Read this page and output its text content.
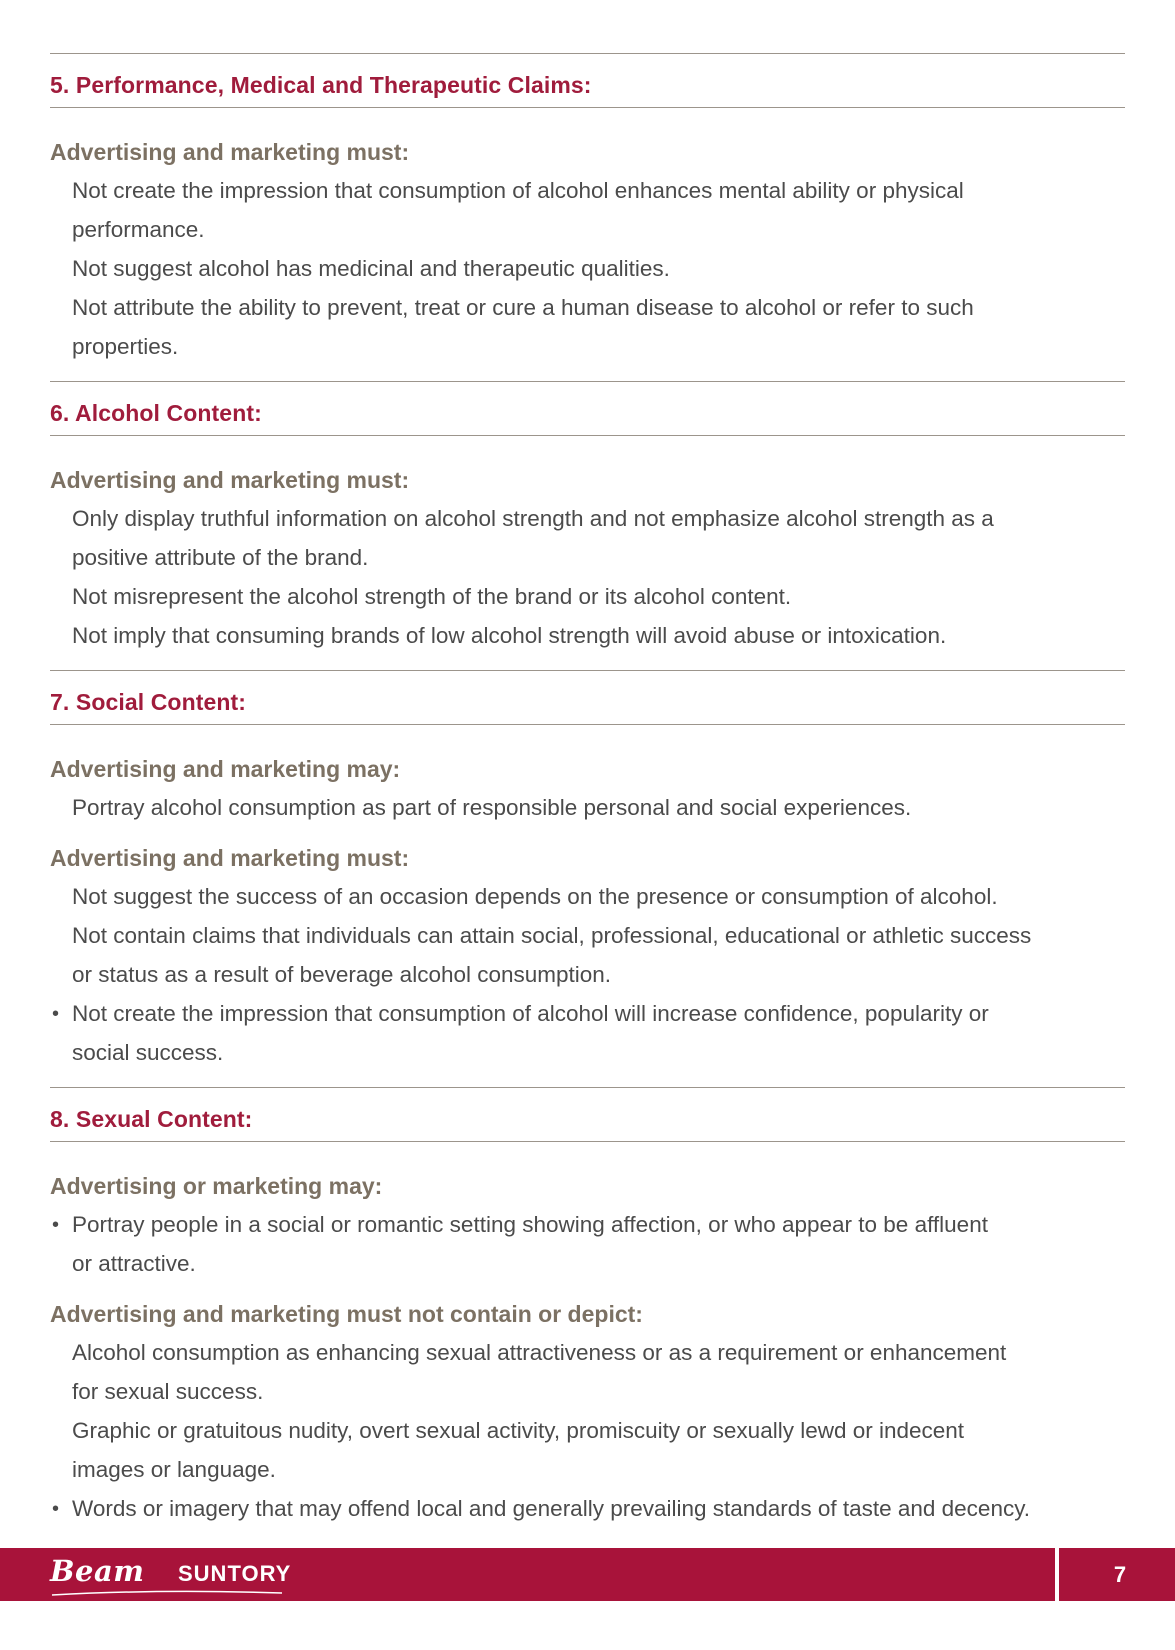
5. Performance, Medical and Therapeutic Claims:
Advertising and marketing must:
Not create the impression that consumption of alcohol enhances mental ability or physical
performance.
Not suggest alcohol has medicinal and therapeutic qualities.
Not attribute the ability to prevent, treat or cure a human disease to alcohol or refer to such
properties.
6. Alcohol Content:
Advertising and marketing must:
Only display truthful information on alcohol strength and not emphasize alcohol strength as a
positive attribute of the brand.
Not misrepresent the alcohol strength of the brand or its alcohol content.
Not imply that consuming brands of low alcohol strength will avoid abuse or intoxication.
7. Social Content:
Advertising and marketing may:
Portray alcohol consumption as part of responsible personal and social experiences.
Advertising and marketing must:
Not suggest the success of an occasion depends on the presence or consumption of alcohol.
Not contain claims that individuals can attain social, professional, educational or athletic success
or status as a result of beverage alcohol consumption.
• Not create the impression that consumption of alcohol will increase confidence, popularity or
social success.
8. Sexual Content:
Advertising or marketing may:
• Portray people in a social or romantic setting showing affection, or who appear to be affluent
or attractive.
Advertising and marketing must not contain or depict:
Alcohol consumption as enhancing sexual attractiveness or as a requirement or enhancement
for sexual success.
Graphic or gratuitous nudity, overt sexual activity, promiscuity or sexually lewd or indecent
images or language.
• Words or imagery that may offend local and generally prevailing standards of taste and decency.
Beam SUNTORY	7
